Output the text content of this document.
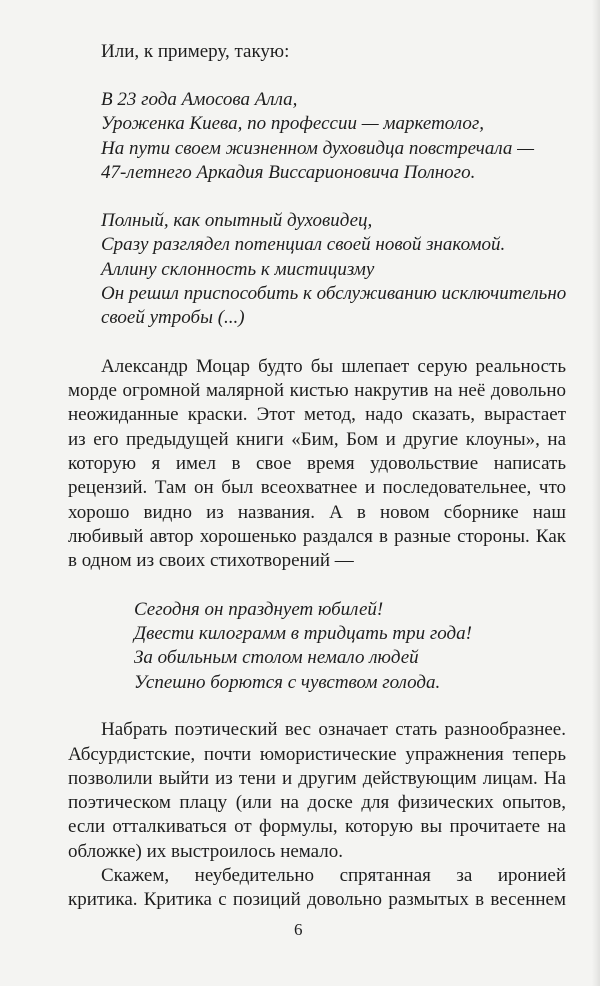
Или, к примеру, такую:
В 23 года Амосова Алла,
Уроженка Киева, по профессии — маркетолог,
На пути своем жизненном духовидца повстречала —
47-летнего Аркадия Виссарионовича Полного.
Полный, как опытный духовидец,
Сразу разглядел потенциал своей новой знакомой.
Аллину склонность к мистицизму
Он решил приспособить к обслуживанию исключительно
своей утробы (...)
Александр Моцар будто бы шлепает серую реальность
морде огромной малярной кистью накрутив на неё довольно
неожиданные краски. Этот метод, надо сказать, вырастает
из его предыдущей книги «Бим, Бом и другие клоуны», на
которую я имел в свое время удовольствие написать
рецензий. Там он был всеохватнее и последовательнее, что
хорошо видно из названия. А в новом сборнике наш
любивый автор хорошенько раздался в разные стороны. Как
в одном из своих стихотворений —
Сегодня он празднует юбилей!
Двести килограмм в тридцать три года!
За обильным столом немало людей
Успешно борются с чувством голода.
Набрать поэтический вес означает стать разнообразнее.
Абсурдистские, почти юмористические упражнения теперь
позволили выйти из тени и другим действующим лицам. На
поэтическом плацу (или на доске для физических опытов,
если отталкиваться от формулы, которую вы прочитаете на
обложке) их выстроилось немало.
Скажем, неубедительно спрятанная за иронией
критика. Критика с позиций довольно размытых в весеннем
6
